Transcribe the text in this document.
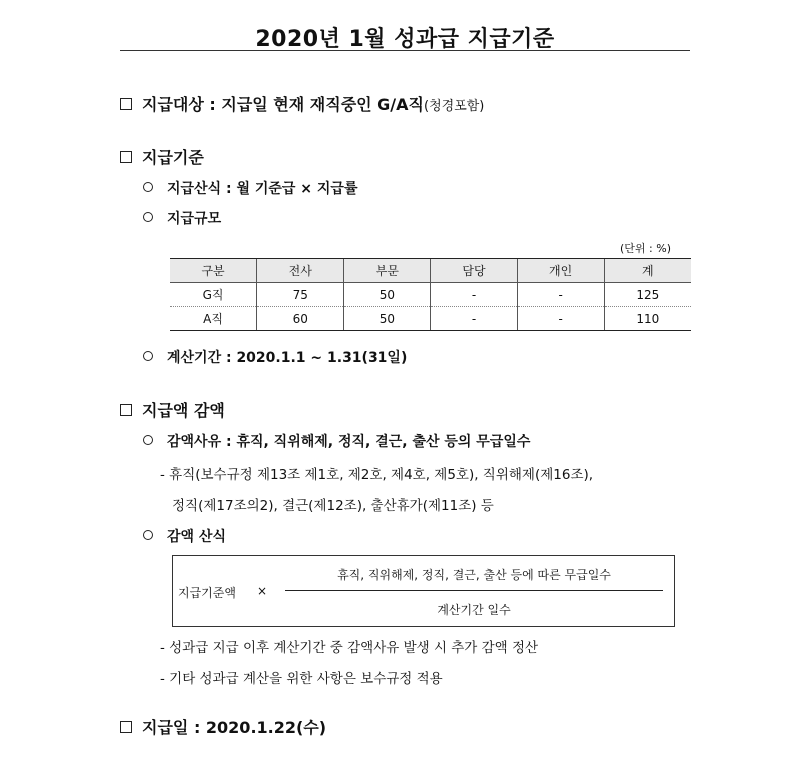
2020년 1월 성과급 지급기준
지급대상 : 지급일 현재 재직중인 G/A직(청경포함)
지급기준
지급산식 : 월 기준급 × 지급률
지급규모
(단위 : %)
구분	전사	부문	담당	개인	계
G직	75	50	-	-	125
A직	60	50	-	-	110
계산기간 : 2020.1.1 ~ 1.31(31일)
지급액 감액
감액사유 : 휴직, 직위해제, 정직, 결근, 출산 등의 무급일수
- 휴직(보수규정 제13조 제1호, 제2호, 제4호, 제5호), 직위해제(제16조),
정직(제17조의2), 결근(제12조), 출산휴가(제11조) 등
감액 산식
지급기준액 ×
휴직, 직위해제, 정직, 결근, 출산 등에 따른 무급일수
계산기간 일수
- 성과급 지급 이후 계산기간 중 감액사유 발생 시 추가 감액 정산
- 기타 성과급 계산을 위한 사항은 보수규정 적용
지급일 : 2020.1.22(수)
